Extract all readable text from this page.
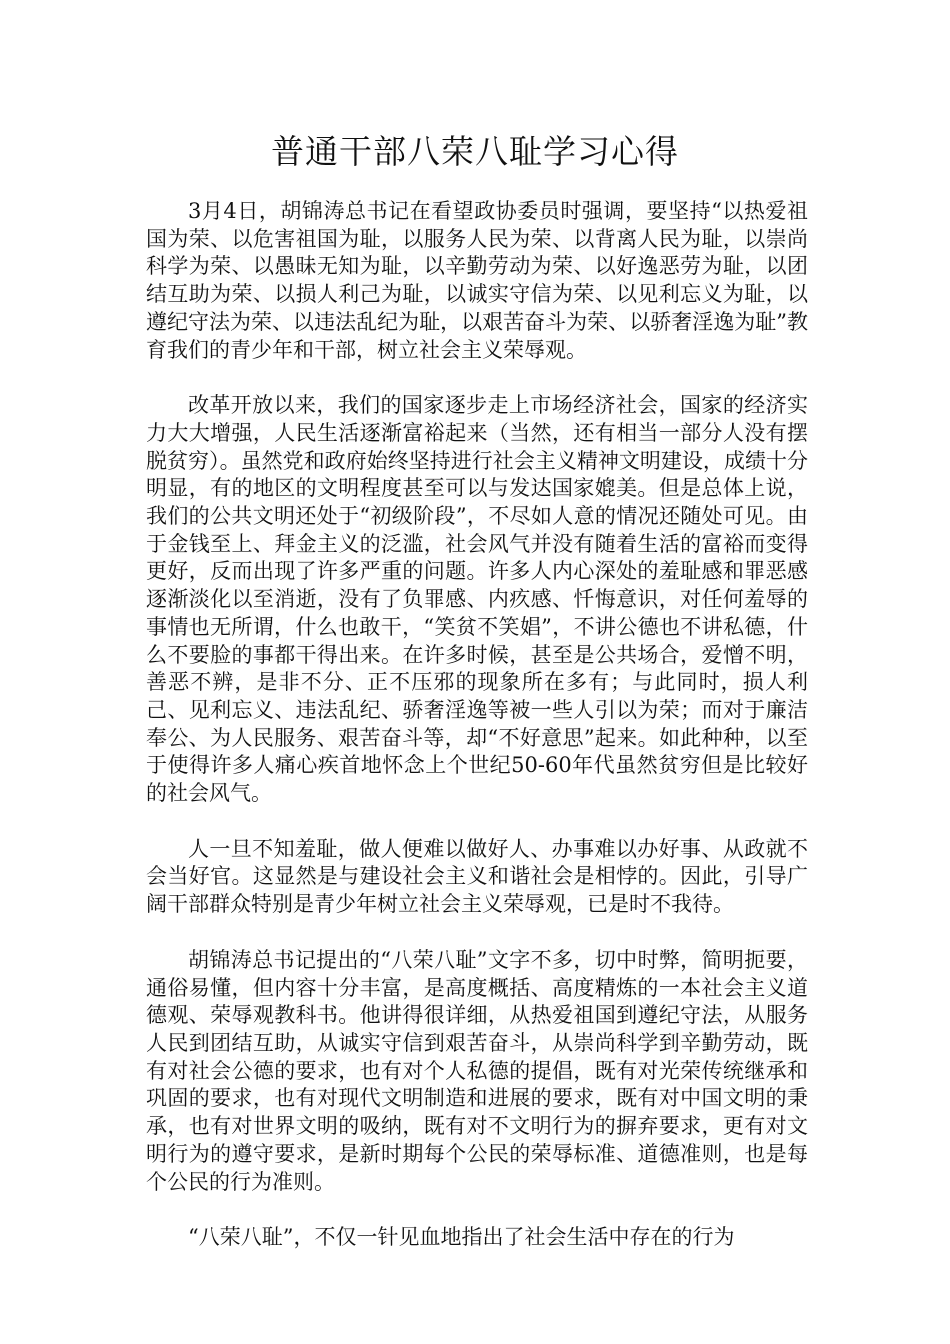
普通干部八荣八耻学习心得

3月4日，胡锦涛总书记在看望政协委员时强调，要坚持“以热爱祖国为荣、以危害祖国为耻，以服务人民为荣、以背离人民为耻，以崇尚科学为荣、以愚昧无知为耻，以辛勤劳动为荣、以好逸恶劳为耻，以团结互助为荣、以损人利己为耻，以诚实守信为荣、以见利忘义为耻，以遵纪守法为荣、以违法乱纪为耻，以艰苦奋斗为荣、以骄奢淫逸为耻”教育我们的青少年和干部，树立社会主义荣辱观。

改革开放以来，我们的国家逐步走上市场经济社会，国家的经济实力大大增强，人民生活逐渐富裕起来（当然，还有相当一部分人没有摆脱贫穷）。虽然党和政府始终坚持进行社会主义精神文明建设，成绩十分明显，有的地区的文明程度甚至可以与发达国家媲美。但是总体上说，我们的公共文明还处于“初级阶段”，不尽如人意的情况还随处可见。由于金钱至上、拜金主义的泛滥，社会风气并没有随着生活的富裕而变得更好，反而出现了许多严重的问题。许多人内心深处的羞耻感和罪恶感逐渐淡化以至消逝，没有了负罪感、内疚感、忏悔意识，对任何羞辱的事情也无所谓，什么也敢干，“笑贫不笑娼”，不讲公德也不讲私德，什么不要脸的事都干得出来。在许多时候，甚至是公共场合，爱憎不明，善恶不辨，是非不分、正不压邪的现象所在多有；与此同时，损人利己、见利忘义、违法乱纪、骄奢淫逸等被一些人引以为荣；而对于廉洁奉公、为人民服务、艰苦奋斗等，却“不好意思”起来。如此种种，以至于使得许多人痛心疾首地怀念上个世纪50-60年代虽然贫穷但是比较好的社会风气。

人一旦不知羞耻，做人便难以做好人、办事难以办好事、从政就不会当好官。这显然是与建设社会主义和谐社会是相悖的。因此，引导广阔干部群众特别是青少年树立社会主义荣辱观，已是时不我待。

胡锦涛总书记提出的“八荣八耻”文字不多，切中时弊，简明扼要，通俗易懂，但内容十分丰富，是高度概括、高度精炼的一本社会主义道德观、荣辱观教科书。他讲得很详细，从热爱祖国到遵纪守法，从服务人民到团结互助，从诚实守信到艰苦奋斗，从崇尚科学到辛勤劳动，既有对社会公德的要求，也有对个人私德的提倡，既有对光荣传统继承和巩固的要求，也有对现代文明制造和进展的要求，既有对中国文明的秉承，也有对世界文明的吸纳，既有对不文明行为的摒弃要求，更有对文明行为的遵守要求，是新时期每个公民的荣辱标准、道德准则，也是每个公民的行为准则。

“八荣八耻”，不仅一针见血地指出了社会生活中存在的行为
